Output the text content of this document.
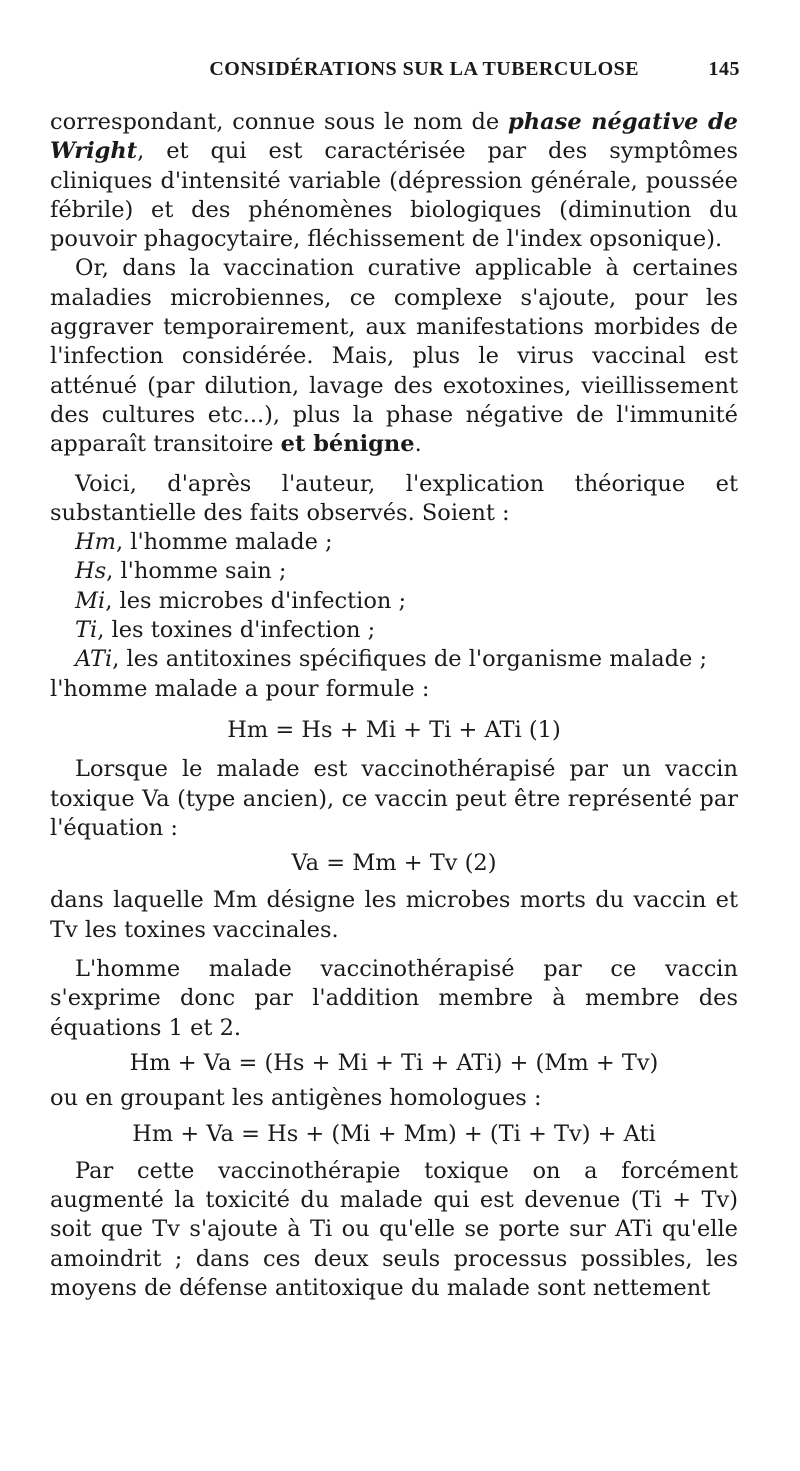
CONSIDÉRATIONS SUR LA TUBERCULOSE	145

correspondant, connue sous le nom de phase négative de Wright, et qui est caractérisée par des symptômes cliniques d'intensité variable (dépression générale, poussée fébrile) et des phénomènes biologiques (diminution du pouvoir phagocytaire, fléchissement de l'index opsonique).

Or, dans la vaccination curative applicable à certaines maladies microbiennes, ce complexe s'ajoute, pour les aggraver temporairement, aux manifestations morbides de l'infection considérée. Mais, plus le virus vaccinal est atténué (par dilution, lavage des exotoxines, vieillissement des cultures etc...), plus la phase négative de l'immunité apparaît transitoire et bénigne.

Voici, d'après l'auteur, l'explication théorique et substantielle des faits observés. Soient :

Hm, l'homme malade ;
Hs, l'homme sain ;
Mi, les microbes d'infection ;
Ti, les toxines d'infection ;
ATi, les antitoxines spécifiques de l'organisme malade ;

l'homme malade a pour formule :

Hm = Hs + Mi + Ti + ATi (1)

Lorsque le malade est vaccinothérapisé par un vaccin toxique Va (type ancien), ce vaccin peut être représenté par l'équation :

Va = Mm + Tv (2)

dans laquelle Mm désigne les microbes morts du vaccin et Tv les toxines vaccinales.

L'homme malade vaccinothérapisé par ce vaccin s'exprime donc par l'addition membre à membre des équations 1 et 2.

Hm + Va = (Hs + Mi + Ti + ATi) + (Mm + Tv)

ou en groupant les antigènes homologues :

Hm + Va = Hs + (Mi + Mm) + (Ti + Tv) + Ati

Par cette vaccinothérapie toxique on a forcément augmenté la toxicité du malade qui est devenue (Ti + Tv) soit que Tv s'ajoute à Ti ou qu'elle se porte sur ATi qu'elle amoindrit ; dans ces deux seuls processus possibles, les moyens de défense antitoxique du malade sont nettement
